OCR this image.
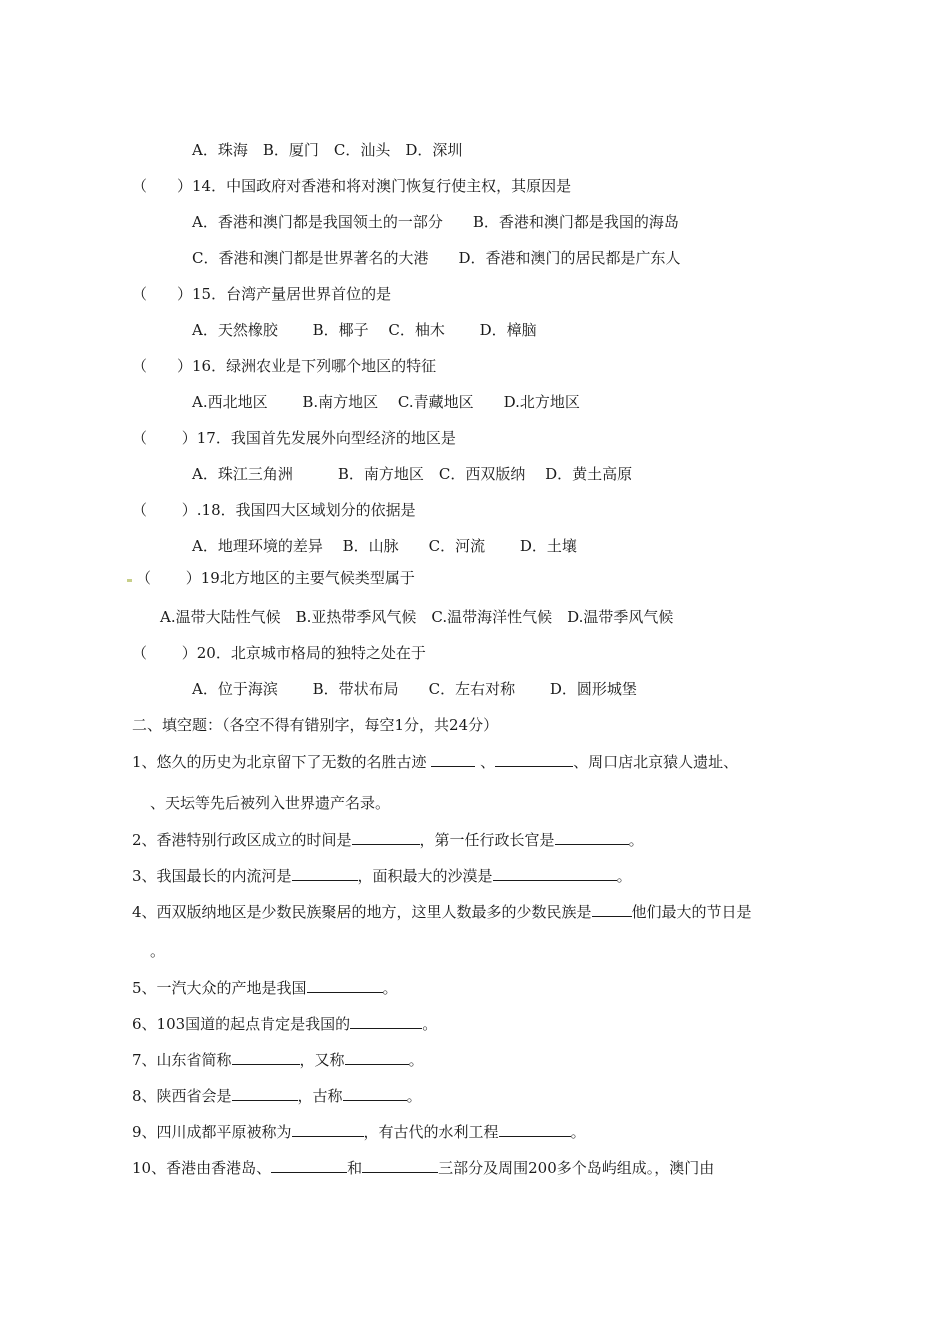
A．珠海　B．厦门　C．汕头　D．深圳
（　　）14．中国政府对香港和将对澳门恢复行使主权，其原因是
A．香港和澳门都是我国领土的一部分　　B．香港和澳门都是我国的海岛
C．香港和澳门都是世界著名的大港　　D．香港和澳门的居民都是广东人
（　　）15．台湾产量居世界首位的是
A．天然橡胶　　 B．椰子　 C．柚木　　 D．樟脑
（　　）16．绿洲农业是下列哪个地区的特征
A.西北地区　　 B.南方地区　 C.青藏地区　　D.北方地区
（　　 ）17．我国首先发展外向型经济的地区是
A．珠江三角洲　　　B．南方地区　C．西双版纳　 D．黄土高原
（　　 ）.18．我国四大区域划分的依据是
A．地理环境的差异　 B．山脉　　C．河流　　 D．土壤
（　　 ）19北方地区的主要气候类型属于
A.温带大陆性气候　B.亚热带季风气候　C.温带海洋性气候　D.温带季风气候
（　　 ）20．北京城市格局的独特之处在于
A．位于海滨　　 B．带状布局　　C．左右对称　　 D．圆形城堡
二、填空题：（各空不得有错别字，每空1分，共24分）
1、悠久的历史为北京留下了无数的名胜古迹	、	、周口店北京猿人遗址、
、天坛等先后被列入世界遗产名录。
2、香港特别行政区成立的时间是	，第一任行政长官是	。
3、我国最长的内流河是	，面积最大的沙漠是	。
4、西双版纳地区是少数民族聚居的地方，这里人数最多的少数民族是	他们最大的节日是
。
5、一汽大众的产地是我国	。
6、103国道的起点肯定是我国的	。
7、山东省简称	，又称	。
8、陕西省会是	，古称	。
9、四川成都平原被称为	，有古代的水利工程	。
10、香港由香港岛、	和	三部分及周围200多个岛屿组成。，澳门由
